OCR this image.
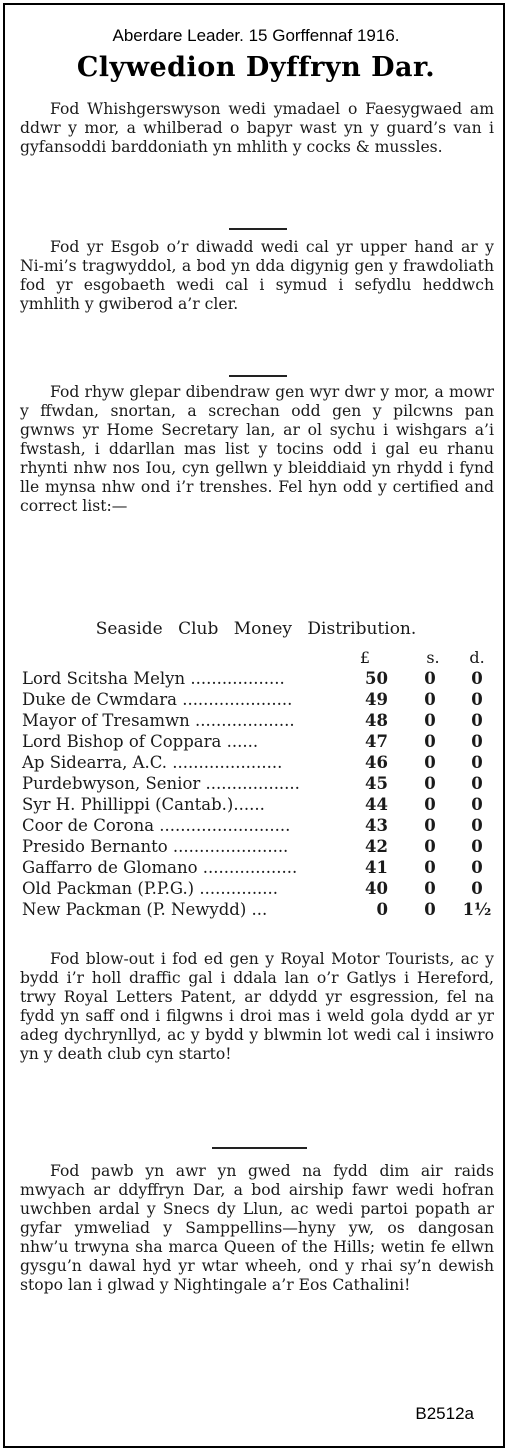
Aberdare Leader. 15 Gorffennaf 1916.
Clywedion Dyffryn Dar.

Fod Whishgerswyson wedi ymadael o Faesygwaed am ddwr y mor, a whilberad o bapyr wast yn y guard’s van i gyfansoddi barddoniath yn mhlith y cocks & mussles.

Fod yr Esgob o’r diwadd wedi cal yr upper hand ar y Ni-mi’s tragwyddol, a bod yn dda digynig gen y frawdoliath fod yr esgobaeth wedi cal i symud i sefydlu heddwch ymhlith y gwiberod a’r cler.

Fod rhyw glepar dibendraw gen wyr dwr y mor, a mowr y ffwdan, snortan, a screchan odd gen y pilcwns pan gwnws yr Home Secretary lan, ar ol sychu i wishgars a’i fwstash, i ddarllan mas list y tocins odd i gal eu rhanu rhynti nhw nos Iou, cyn gellwn y bleiddiaid yn rhydd i fynd lle mynsa nhw ond i’r trenshes. Fel hyn odd y certified and correct list:—

Seaside Club Money Distribution.
£	s.	d.
Lord Scitsha Melyn ..................	50 0	0
Duke de Cwmdara .....................	49 0	0
Mayor of Tresamwn ...................	48 0	0
Lord Bishop of Coppara ......	47 0	0
Ap Sidearra, A.C. .....................	46 0	0
Purdebwyson, Senior ..................	45 0	0
Syr H. Phillippi (Cantab.)......	44 0	0
Coor de Corona .........................	43 0	0
Presido Bernanto ......................	42 0	0
Gaffarro de Glomano ..................	41 0	0
Old Packman (P.P.G.) ...............	40 0	0
New Packman (P. Newydd) ...	0 0 1½

Fod blow-out i fod ed gen y Royal Motor Tourists, ac y bydd i’r holl draffic gal i ddala lan o’r Gatlys i Hereford, trwy Royal Letters Patent, ar ddydd yr esgression, fel na fydd yn saff ond i filgwns i droi mas i weld gola dydd ar yr adeg dychrynllyd, ac y bydd y blwmin lot wedi cal i insiwro yn y death club cyn starto!

Fod pawb yn awr yn gwed na fydd dim air raids mwyach ar ddyffryn Dar, a bod airship fawr wedi hofran uwchben ardal y Snecs dy Llun, ac wedi partoi popath ar gyfar ymweliad y Samppellins—hyny yw, os dangosan nhw’u trwyna sha marca Queen of the Hills; wetin fe ellwn gysgu’n dawal hyd yr wtar wheeh, ond y rhai sy’n dewish stopo lan i glwad y Nightingale a’r Eos Cathalini!

B2512a
